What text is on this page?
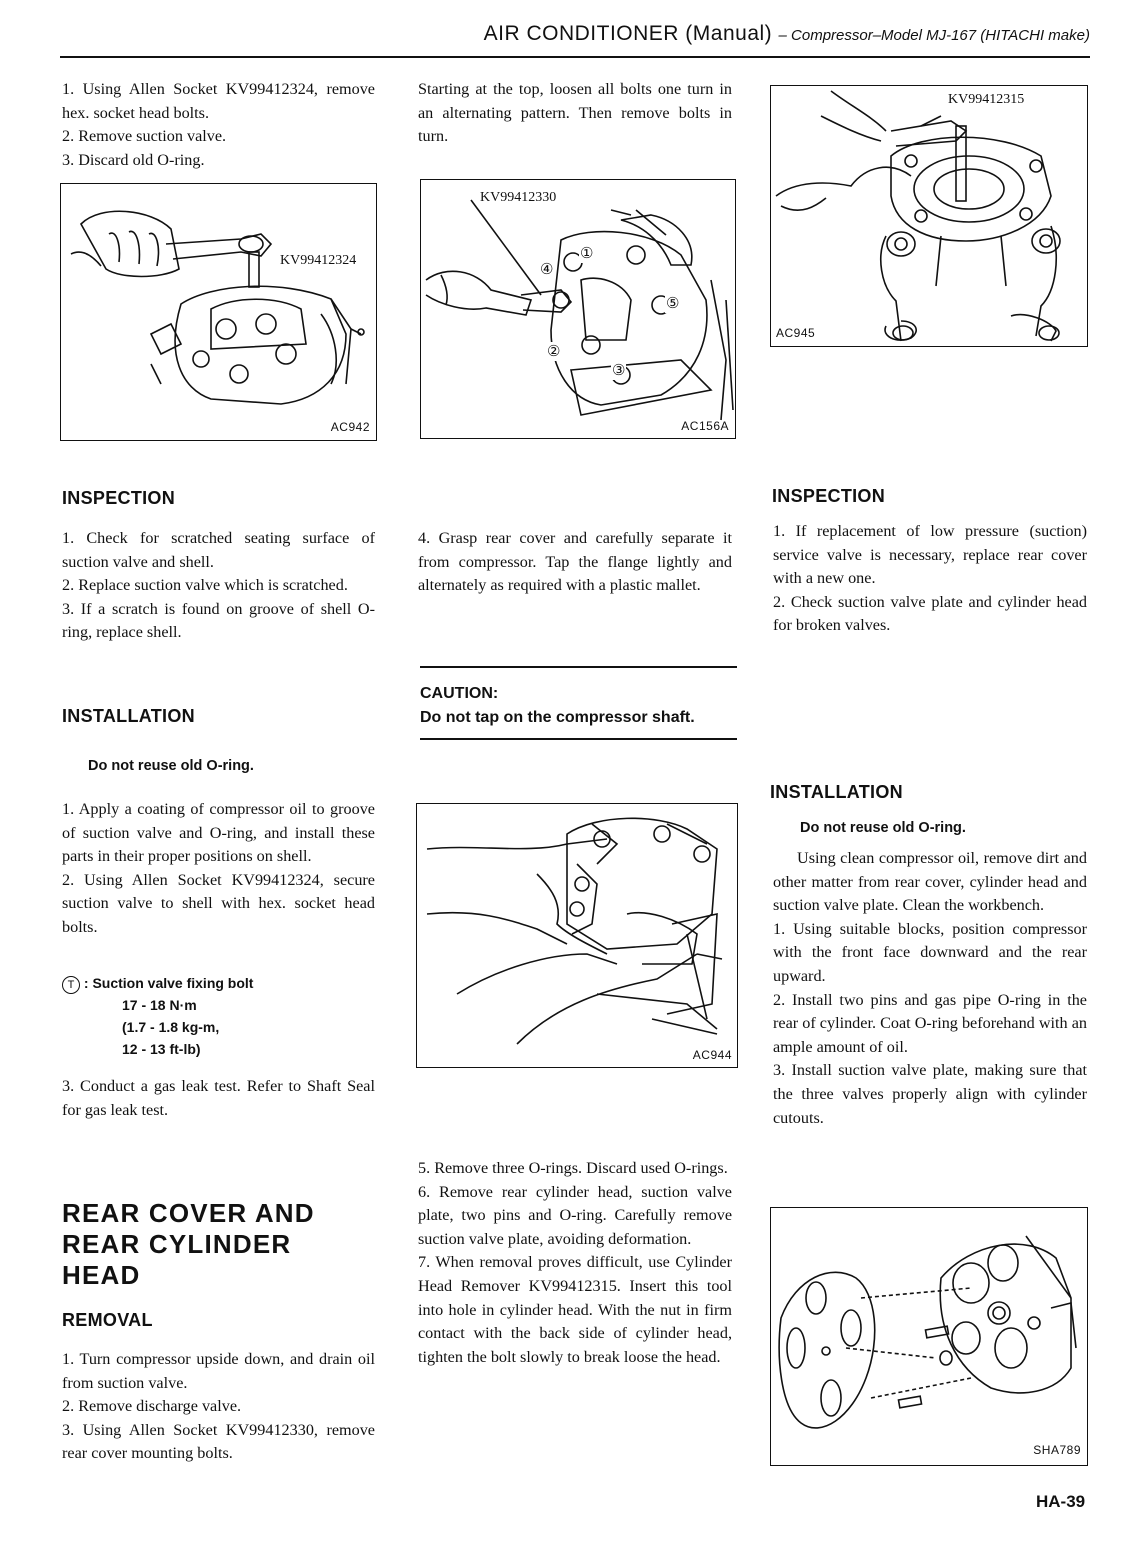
AIR CONDITIONER (Manual) – Compressor–Model MJ-167 (HITACHI make)

1. Using Allen Socket KV99412324, remove hex. socket head bolts.

2. Remove suction valve.

3. Discard old O-ring.

KV99412324
AC942
INSPECTION

1. Check for scratched seating surface of suction valve and shell.

2. Replace suction valve which is scratched.

3. If a scratch is found on groove of shell O-ring, replace shell.

INSTALLATION
Do not reuse old O-ring.

1. Apply a coating of compressor oil to groove of suction valve and O-ring, and install these parts in their proper positions on shell.

2. Using Allen Socket KV99412324, secure suction valve to shell with hex. socket head bolts.

T : Suction valve fixing bolt
17 - 18 N·m
(1.7 - 1.8 kg-m,
12 - 13 ft-lb)

3. Conduct a gas leak test. Refer to Shaft Seal for gas leak test.

REAR COVER AND
REAR CYLINDER
HEAD
REMOVAL

1. Turn compressor upside down, and drain oil from suction valve.

2. Remove discharge valve.

3. Using Allen Socket KV99412330, remove rear cover mounting bolts.

Starting at the top, loosen all bolts one turn in an alternating pattern. Then remove bolts in turn.

KV99412330
①
④
⑤
②
③
AC156A

4. Grasp rear cover and carefully separate it from compressor. Tap the flange lightly and alternately as required with a plastic mallet.

CAUTION:
Do not tap on the compressor shaft.
AC944

5. Remove three O-rings. Discard used O-rings.

6. Remove rear cylinder head, suction valve plate, two pins and O-ring. Carefully remove suction valve plate, avoiding deformation.

7. When removal proves difficult, use Cylinder Head Remover KV99412315. Insert this tool into hole in cylinder head. With the nut in firm contact with the back side of cylinder head, tighten the bolt slowly to break loose the head.

KV99412315
AC945
INSPECTION

1. If replacement of low pressure (suction) service valve is necessary, replace rear cover with a new one.

2. Check suction valve plate and cylinder head for broken valves.

INSTALLATION
Do not reuse old O-ring.

Using clean compressor oil, remove dirt and other matter from rear cover, cylinder head and suction valve plate. Clean the workbench.

1. Using suitable blocks, position compressor with the front face downward and the rear upward.

2. Install two pins and gas pipe O-ring in the rear of cylinder. Coat O-ring beforehand with an ample amount of oil.

3. Install suction valve plate, making sure that the three valves properly align with cylinder cutouts.

SHA789
HA-39
